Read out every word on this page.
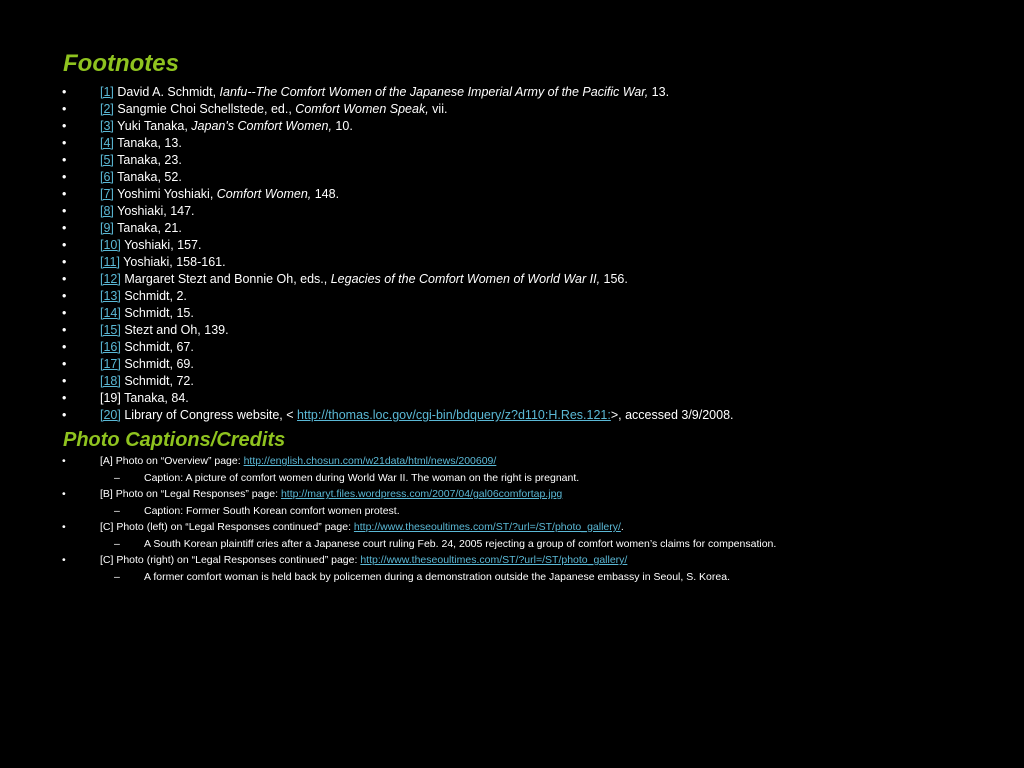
Footnotes
•	[1] David A. Schmidt, Ianfu--The Comfort Women of the Japanese Imperial Army of the Pacific War, 13.
•	[2] Sangmie Choi Schellstede, ed., Comfort Women Speak, vii.
•	[3] Yuki Tanaka, Japan's Comfort Women, 10.
•	[4] Tanaka, 13.
•	[5] Tanaka, 23.
•	[6] Tanaka, 52.
•	[7] Yoshimi Yoshiaki, Comfort Women, 148.
•	[8] Yoshiaki, 147.
•	[9] Tanaka, 21.
•	[10] Yoshiaki, 157.
•	[11] Yoshiaki, 158-161.
•	[12] Margaret Stezt and Bonnie Oh, eds., Legacies of the Comfort Women of World War II, 156.
•	[13] Schmidt, 2.
•	[14] Schmidt, 15.
•	[15] Stezt and Oh, 139.
•	[16] Schmidt, 67.
•	[17] Schmidt, 69.
•	[18] Schmidt, 72.
•	[19] Tanaka, 84.
•	[20] Library of Congress website, < http://thomas.loc.gov/cgi-bin/bdquery/z?d110:H.Res.121:>, accessed 3/9/2008.
Photo Captions/Credits
•	[A] Photo on “Overview” page: http://english.chosun.com/w21data/html/news/200609/
– Caption: A picture of comfort women during World War II. The woman on the right is pregnant.
•	[B] Photo on “Legal Responses” page: http://maryt.files.wordpress.com/2007/04/gal06comfortap.jpg
– Caption: Former South Korean comfort women protest.
•	[C] Photo (left) on “Legal Responses continued” page: http://www.theseoultimes.com/ST/?url=/ST/photo_gallery/.
– A South Korean plaintiff cries after a Japanese court ruling Feb. 24, 2005 rejecting a group of comfort women’s claims for compensation.
•	[C] Photo (right) on “Legal Responses continued” page: http://www.theseoultimes.com/ST/?url=/ST/photo_gallery/
– A former comfort woman is held back by policemen during a demonstration outside the Japanese embassy in Seoul, S. Korea.
